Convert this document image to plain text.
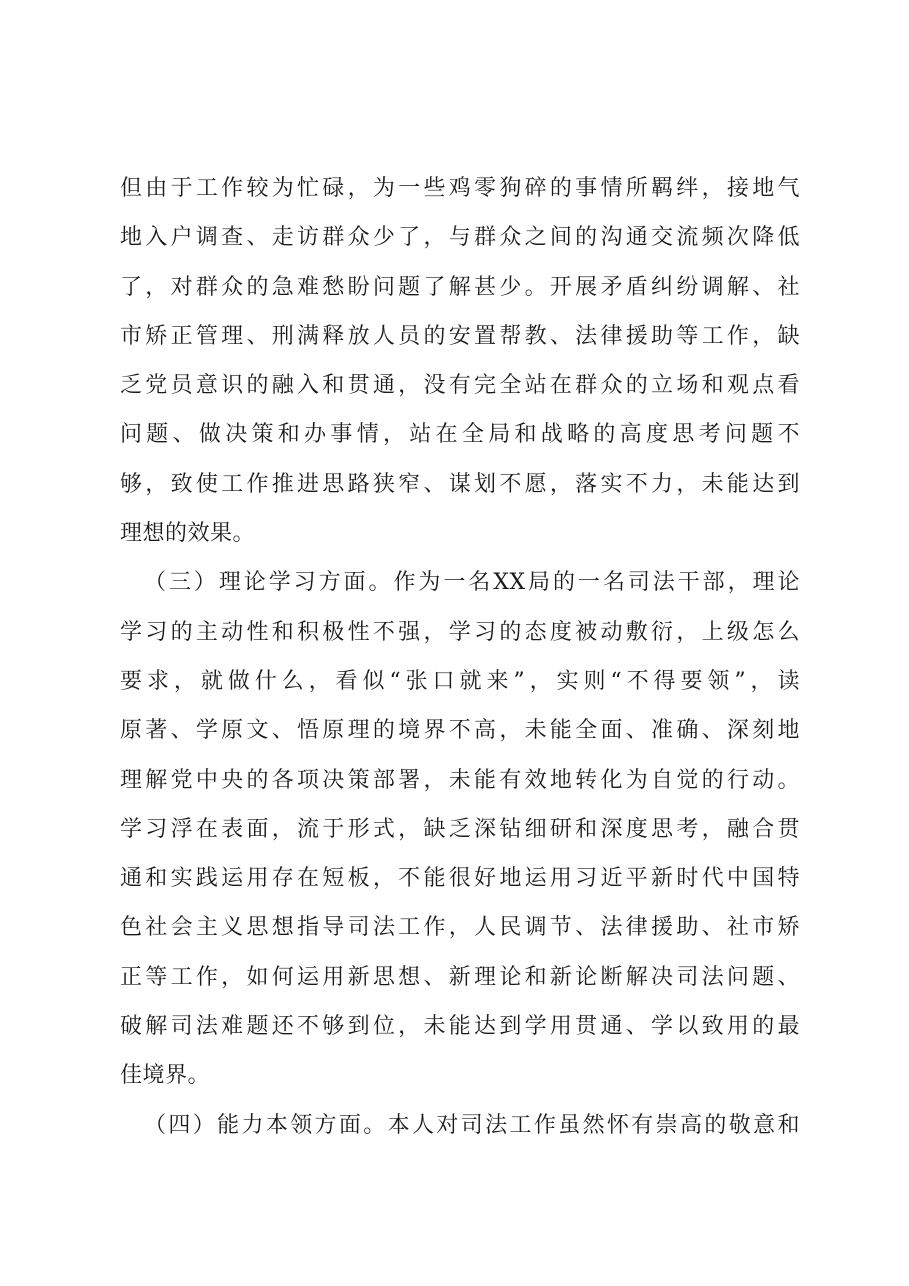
但由于工作较为忙碌，为一些鸡零狗碎的事情所羁绊，接地气
地入户调查、走访群众少了，与群众之间的沟通交流频次降低
了，对群众的急难愁盼问题了解甚少。开展矛盾纠纷调解、社
市矫正管理、刑满释放人员的安置帮教、法律援助等工作，缺
乏党员意识的融入和贯通，没有完全站在群众的立场和观点看
问题、做决策和办事情，站在全局和战略的高度思考问题不
够，致使工作推进思路狭窄、谋划不愿，落实不力，未能达到
理想的效果。
（三）理论学习方面。作为一名XX局的一名司法干部，理论
学习的主动性和积极性不强，学习的态度被动敷衍，上级怎么
要求，就做什么，看似“张口就来”，实则“不得要领”，读
原著、学原文、悟原理的境界不高，未能全面、准确、深刻地
理解党中央的各项决策部署，未能有效地转化为自觉的行动。
学习浮在表面，流于形式，缺乏深钻细研和深度思考，融合贯
通和实践运用存在短板，不能很好地运用习近平新时代中国特
色社会主义思想指导司法工作，人民调节、法律援助、社市矫
正等工作，如何运用新思想、新理论和新论断解决司法问题、
破解司法难题还不够到位，未能达到学用贯通、学以致用的最
佳境界。
（四）能力本领方面。本人对司法工作虽然怀有崇高的敬意和
